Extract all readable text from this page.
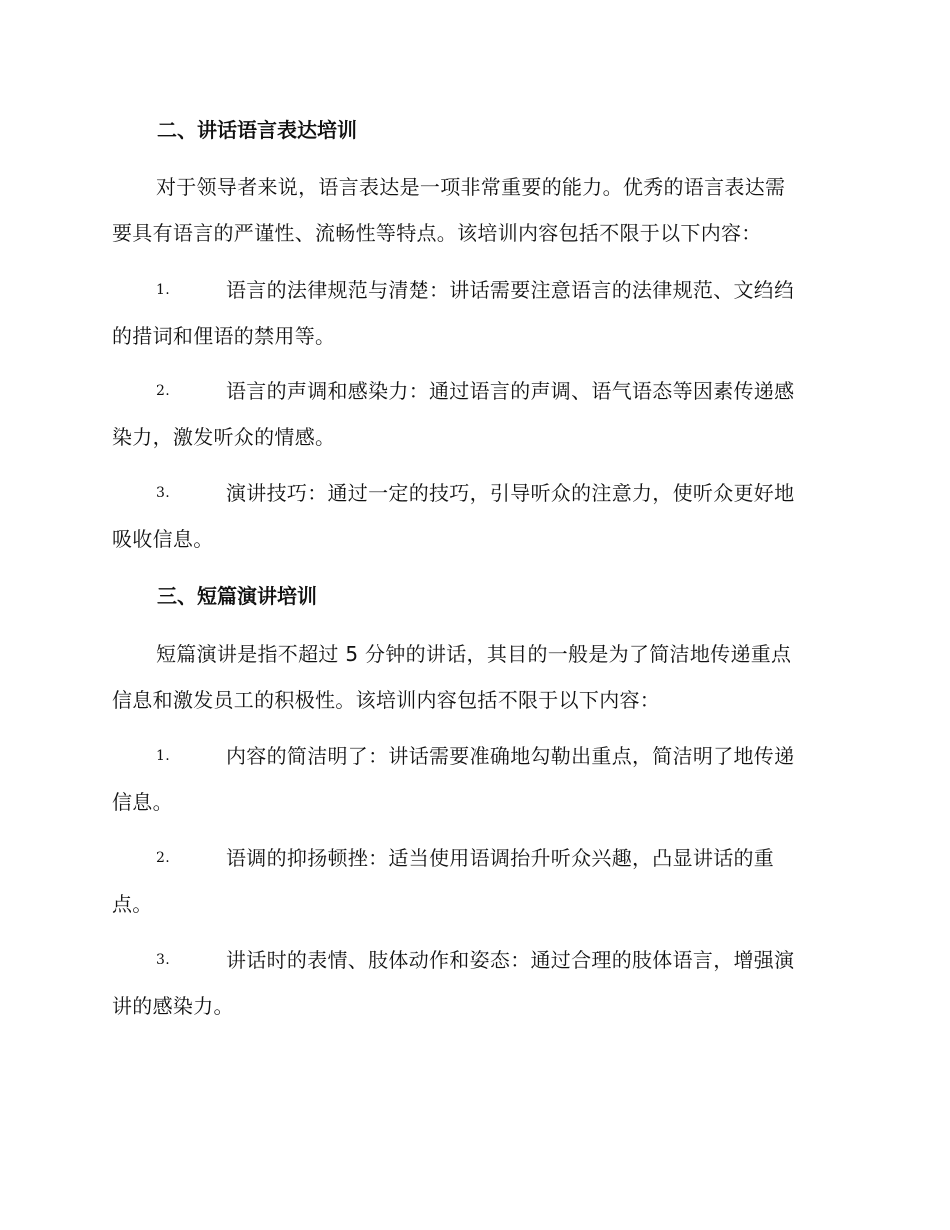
二、讲话语言表达培训
对于领导者来说，语言表达是一项非常重要的能力。优秀的语言表达需
要具有语言的严谨性、流畅性等特点。该培训内容包括不限于以下内容：
1.	语言的法律规范与清楚：讲话需要注意语言的法律规范、文绉绉
的措词和俚语的禁用等。
2.	语言的声调和感染力：通过语言的声调、语气语态等因素传递感
染力，激发听众的情感。
3.	演讲技巧：通过一定的技巧，引导听众的注意力，使听众更好地
吸收信息。
三、短篇演讲培训
短篇演讲是指不超过 5 分钟的讲话，其目的一般是为了简洁地传递重点
信息和激发员工的积极性。该培训内容包括不限于以下内容：
1.	内容的简洁明了：讲话需要准确地勾勒出重点，简洁明了地传递
信息。
2.	语调的抑扬顿挫：适当使用语调抬升听众兴趣，凸显讲话的重
点。
3.	讲话时的表情、肢体动作和姿态：通过合理的肢体语言，增强演
讲的感染力。
